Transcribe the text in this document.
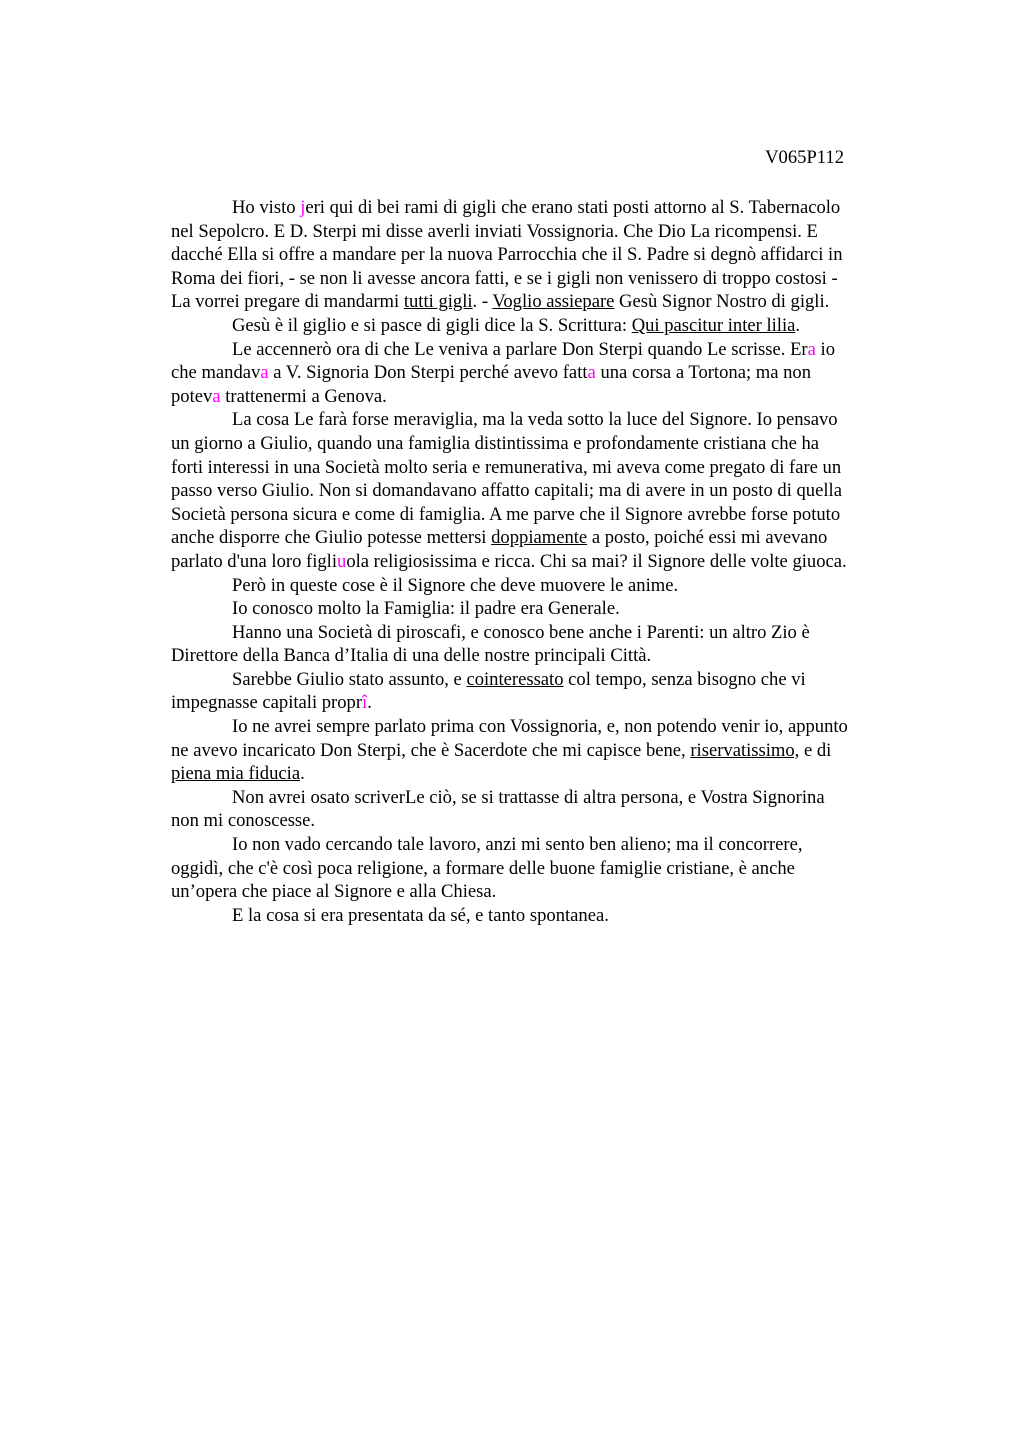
V065P112

Ho visto jeri qui di bei rami di gigli che erano stati posti attorno al S. Tabernacolo
nel Sepolcro. E D. Sterpi mi disse averli inviati Vossignoria. Che Dio La ricompensi. E
dacché Ella si offre a mandare per la nuova Parrocchia che il S. Padre si degnò affidarci in
Roma dei fiori, - se non li avesse ancora fatti, e se i gigli non venissero di troppo costosi -
La vorrei pregare di mandarmi tutti gigli. - Voglio assiepare Gesù Signor Nostro di gigli.

Gesù è il giglio e si pasce di gigli dice la S. Scrittura: Qui pascitur inter lilia.

Le accennerò ora di che Le veniva a parlare Don Sterpi quando Le scrisse. Era io
che mandava a V. Signoria Don Sterpi perché avevo fatta una corsa a Tortona; ma non
poteva trattenermi a Genova.

La cosa Le farà forse meraviglia, ma la veda sotto la luce del Signore. Io pensavo
un giorno a Giulio, quando una famiglia distintissima e profondamente cristiana che ha
forti interessi in una Società molto seria e remunerativa, mi aveva come pregato di fare un
passo verso Giulio. Non si domandavano affatto capitali; ma di avere in un posto di quella
Società persona sicura e come di famiglia. A me parve che il Signore avrebbe forse potuto
anche disporre che Giulio potesse mettersi doppiamente a posto, poiché essi mi avevano
parlato d'una loro figliuola religiosissima e ricca. Chi sa mai? il Signore delle volte giuoca.

Però in queste cose è il Signore che deve muovere le anime.

Io conosco molto la Famiglia: il padre era Generale.

Hanno una Società di piroscafi, e conosco bene anche i Parenti: un altro Zio è
Direttore della Banca d’Italia di una delle nostre principali Città.

Sarebbe Giulio stato assunto, e cointeressato col tempo, senza bisogno che vi
impegnasse capitali proprî.

Io ne avrei sempre parlato prima con Vossignoria, e, non potendo venir io, appunto
ne avevo incaricato Don Sterpi, che è Sacerdote che mi capisce bene, riservatissimo, e di
piena mia fiducia.

Non avrei osato scriverLe ciò, se si trattasse di altra persona, e Vostra Signorina
non mi conoscesse.

Io non vado cercando tale lavoro, anzi mi sento ben alieno; ma il concorrere,
oggidì, che c'è così poca religione, a formare delle buone famiglie cristiane, è anche
un’opera che piace al Signore e alla Chiesa.

E la cosa si era presentata da sé, e tanto spontanea.
